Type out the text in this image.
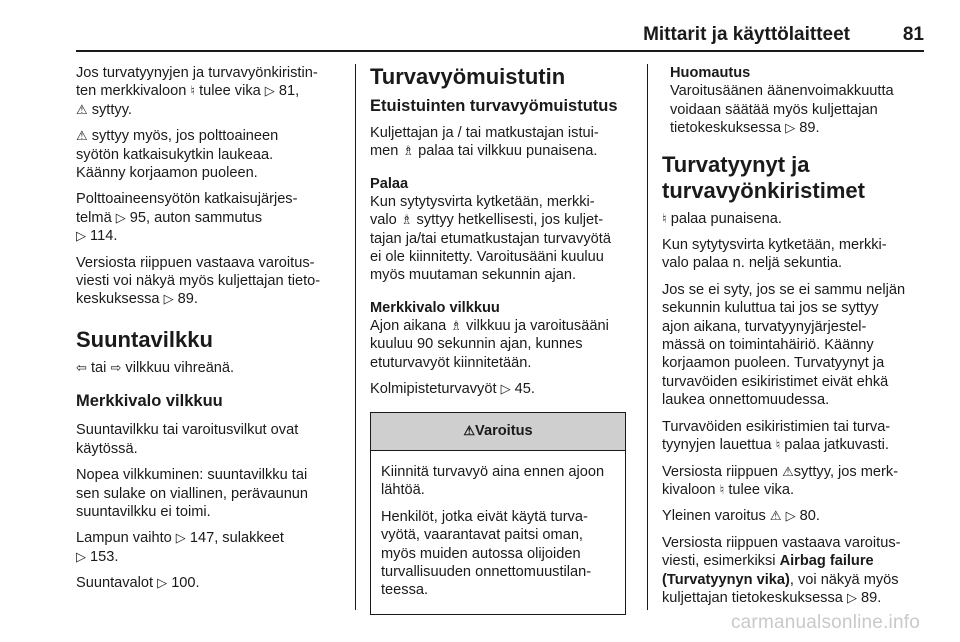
Mittarit ja käyttölaitteet	81

Jos turvatyynyjen ja turvavyönkiristin-
ten merkkivaloon ♮ tulee vika ▷ 81,
⚠ syttyy.

⚠ syttyy myös, jos polttoaineen
syötön katkaisukytkin laukeaa.
Käänny korjaamon puoleen.

Polttoaineensyötön katkaisujärjes-
telmä ▷ 95, auton sammutus
▷ 114.

Versiosta riippuen vastaava varoitus-
viesti voi näkyä myös kuljettajan tieto-
keskuksessa ▷ 89.

Suuntavilkku

⇦ tai ⇨ vilkkuu vihreänä.

Merkkivalo vilkkuu

Suuntavilkku tai varoitusvilkut ovat
käytössä.

Nopea vilkkuminen: suuntavilkku tai
sen sulake on viallinen, perävaunun
suuntavilkku ei toimi.

Lampun vaihto ▷ 147, sulakkeet
▷ 153.

Suuntavalot ▷ 100.

Turvavyömuistutin
Etuistuinten turvavyömuistutus

Kuljettajan ja / tai matkustajan istui-
men ♗ palaa tai vilkkuu punaisena.

Palaa

Kun sytytysvirta kytketään, merkki-
valo ♗ syttyy hetkellisesti, jos kuljet-
tajan ja/tai etumatkustajan turvavyötä
ei ole kiinnitetty. Varoitusääni kuuluu
myös muutaman sekunnin ajan.

Merkkivalo vilkkuu

Ajon aikana ♗ vilkkuu ja varoitusääni
kuuluu 90 sekunnin ajan, kunnes
etuturvavyöt kiinnitetään.

Kolmipisteturvavyöt ▷ 45.

⚠Varoitus

Kiinnitä turvavyö aina ennen ajoon
lähtöä.

Henkilöt, jotka eivät käytä turva-
vyötä, vaarantavat paitsi oman,
myös muiden autossa olijoiden
turvallisuuden onnettomuustilan-
teessa.

Huomautus
Varoitusäänen äänenvoimakkuutta
voidaan säätää myös kuljettajan
tietokeskuksessa ▷ 89.
Turvatyynyt ja
turvavyönkiristimet

♮ palaa punaisena.

Kun sytytysvirta kytketään, merkki-
valo palaa n. neljä sekuntia.

Jos se ei syty, jos se ei sammu neljän
sekunnin kuluttua tai jos se syttyy
ajon aikana, turvatyynyjärjestel-
mässä on toimintahäiriö. Käänny
korjaamon puoleen. Turvatyynyt ja
turvavöiden esikiristimet eivät ehkä
laukea onnettomuudessa.

Turvavöiden esikiristimien tai turva-
tyynyjen lauettua ♮ palaa jatkuvasti.

Versiosta riippuen ⚠syttyy, jos merk-
kivaloon ♮ tulee vika.

Yleinen varoitus ⚠ ▷ 80.

Versiosta riippuen vastaava varoitus-
viesti, esimerkiksi Airbag failure
(Turvatyynyn vika), voi näkyä myös
kuljettajan tietokeskuksessa ▷ 89.

carmanualsonline.info
